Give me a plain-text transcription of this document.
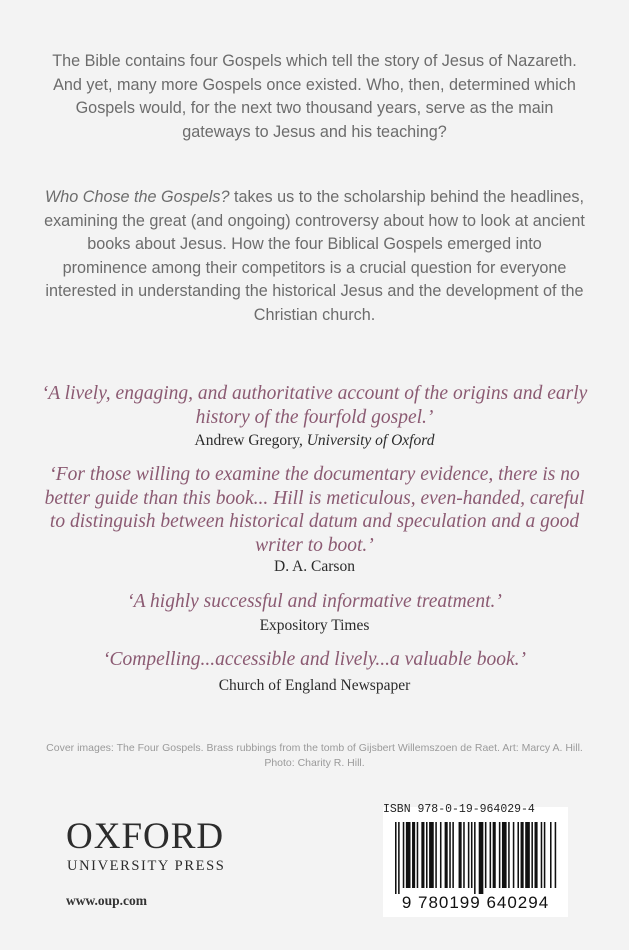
The Bible contains four Gospels which tell the story of Jesus of Nazareth. And yet, many more Gospels once existed. Who, then, determined which Gospels would, for the next two thousand years, serve as the main gateways to Jesus and his teaching?

Who Chose the Gospels? takes us to the scholarship behind the headlines, examining the great (and ongoing) controversy about how to look at ancient books about Jesus. How the four Biblical Gospels emerged into prominence among their competitors is a crucial question for everyone interested in understanding the historical Jesus and the development of the Christian church.

‘A lively, engaging, and authoritative account of the origins and early history of the fourfold gospel.’

Andrew Gregory, University of Oxford

‘For those willing to examine the documentary evidence, there is no better guide than this book... Hill is meticulous, even-handed, careful to distinguish between historical datum and speculation and a good writer to boot.’

D. A. Carson

‘A highly successful and informative treatment.’

Expository Times

‘Compelling...accessible and lively...a valuable book.’

Church of England Newspaper

Cover images: The Four Gospels. Brass rubbings from the tomb of Gijsbert Willemszoen de Raet. Art: Marcy A. Hill. Photo: Charity R. Hill.

OXFORD
UNIVERSITY PRESS
www.oup.com
ISBN 978-0-19-964029-4
9 780199 640294
